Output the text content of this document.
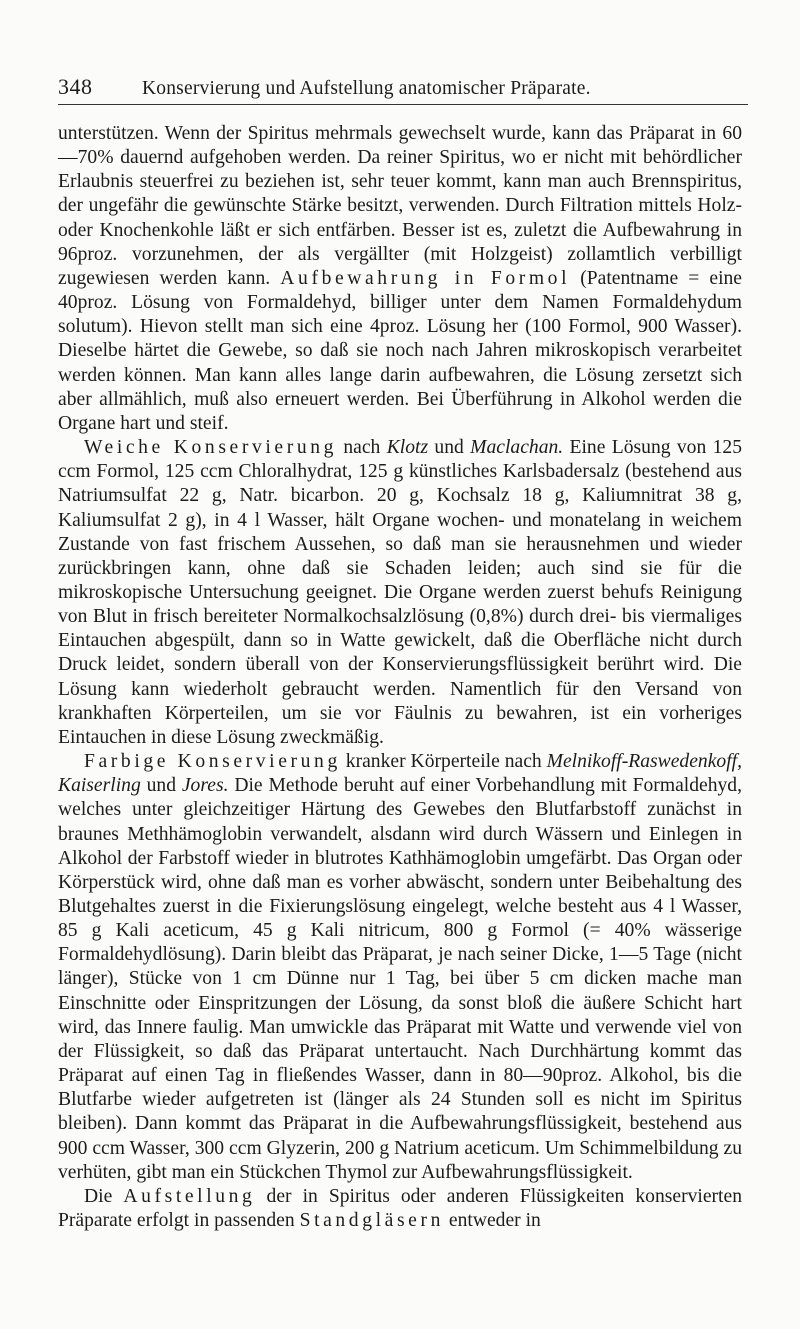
348	Konservierung und Aufstellung anatomischer Präparate.

unterstützen. Wenn der Spiritus mehrmals gewechselt wurde, kann das Präparat in 60—70% dauernd aufgehoben werden. Da reiner Spiritus, wo er nicht mit behördlicher Erlaubnis steuerfrei zu beziehen ist, sehr teuer kommt, kann man auch Brennspiritus, der ungefähr die gewünschte Stärke besitzt, verwenden. Durch Filtration mittels Holz- oder Knochenkohle läßt er sich entfärben. Besser ist es, zuletzt die Aufbewahrung in 96proz. vorzunehmen, der als vergällter (mit Holzgeist) zollamtlich verbilligt zugewiesen werden kann. Aufbewahrung in Formol (Patentname = eine 40proz. Lösung von Formaldehyd, billiger unter dem Namen Formaldehydum solutum). Hievon stellt man sich eine 4proz. Lösung her (100 Formol, 900 Wasser). Dieselbe härtet die Gewebe, so daß sie noch nach Jahren mikroskopisch verarbeitet werden können. Man kann alles lange darin aufbewahren, die Lösung zersetzt sich aber allmählich, muß also erneuert werden. Bei Überführung in Alkohol werden die Organe hart und steif.

Weiche Konservierung nach Klotz und Maclachan. Eine Lösung von 125 ccm Formol, 125 ccm Chloralhydrat, 125 g künstliches Karlsbadersalz (bestehend aus Natriumsulfat 22 g, Natr. bicarbon. 20 g, Kochsalz 18 g, Kaliumnitrat 38 g, Kaliumsulfat 2 g), in 4 l Wasser, hält Organe wochen- und monatelang in weichem Zustande von fast frischem Aussehen, so daß man sie herausnehmen und wieder zurückbringen kann, ohne daß sie Schaden leiden; auch sind sie für die mikroskopische Untersuchung geeignet. Die Organe werden zuerst behufs Reinigung von Blut in frisch bereiteter Normalkochsalzlösung (0,8%) durch drei- bis viermaliges Eintauchen abgespült, dann so in Watte gewickelt, daß die Oberfläche nicht durch Druck leidet, sondern überall von der Konservierungsflüssigkeit berührt wird. Die Lösung kann wiederholt gebraucht werden. Namentlich für den Versand von krankhaften Körperteilen, um sie vor Fäulnis zu bewahren, ist ein vorheriges Eintauchen in diese Lösung zweckmäßig.

Farbige Konservierung kranker Körperteile nach Melnikoff-Raswedenkoff, Kaiserling und Jores. Die Methode beruht auf einer Vorbehandlung mit Formaldehyd, welches unter gleichzeitiger Härtung des Gewebes den Blutfarbstoff zunächst in braunes Methhämoglobin verwandelt, alsdann wird durch Wässern und Einlegen in Alkohol der Farbstoff wieder in blutrotes Kathhämoglobin umgefärbt. Das Organ oder Körperstück wird, ohne daß man es vorher abwäscht, sondern unter Beibehaltung des Blutgehaltes zuerst in die Fixierungslösung eingelegt, welche besteht aus 4 l Wasser, 85 g Kali aceticum, 45 g Kali nitricum, 800 g Formol (= 40% wässerige Formaldehydlösung). Darin bleibt das Präparat, je nach seiner Dicke, 1—5 Tage (nicht länger), Stücke von 1 cm Dünne nur 1 Tag, bei über 5 cm dicken mache man Einschnitte oder Einspritzungen der Lösung, da sonst bloß die äußere Schicht hart wird, das Innere faulig. Man umwickle das Präparat mit Watte und verwende viel von der Flüssigkeit, so daß das Präparat untertaucht. Nach Durchhärtung kommt das Präparat auf einen Tag in fließendes Wasser, dann in 80—90proz. Alkohol, bis die Blutfarbe wieder aufgetreten ist (länger als 24 Stunden soll es nicht im Spiritus bleiben). Dann kommt das Präparat in die Aufbewahrungsflüssigkeit, bestehend aus 900 ccm Wasser, 300 ccm Glyzerin, 200 g Natrium aceticum. Um Schimmelbildung zu verhüten, gibt man ein Stückchen Thymol zur Aufbewahrungsflüssigkeit.

Die Aufstellung der in Spiritus oder anderen Flüssigkeiten konservierten Präparate erfolgt in passenden Standgläsern entweder in
